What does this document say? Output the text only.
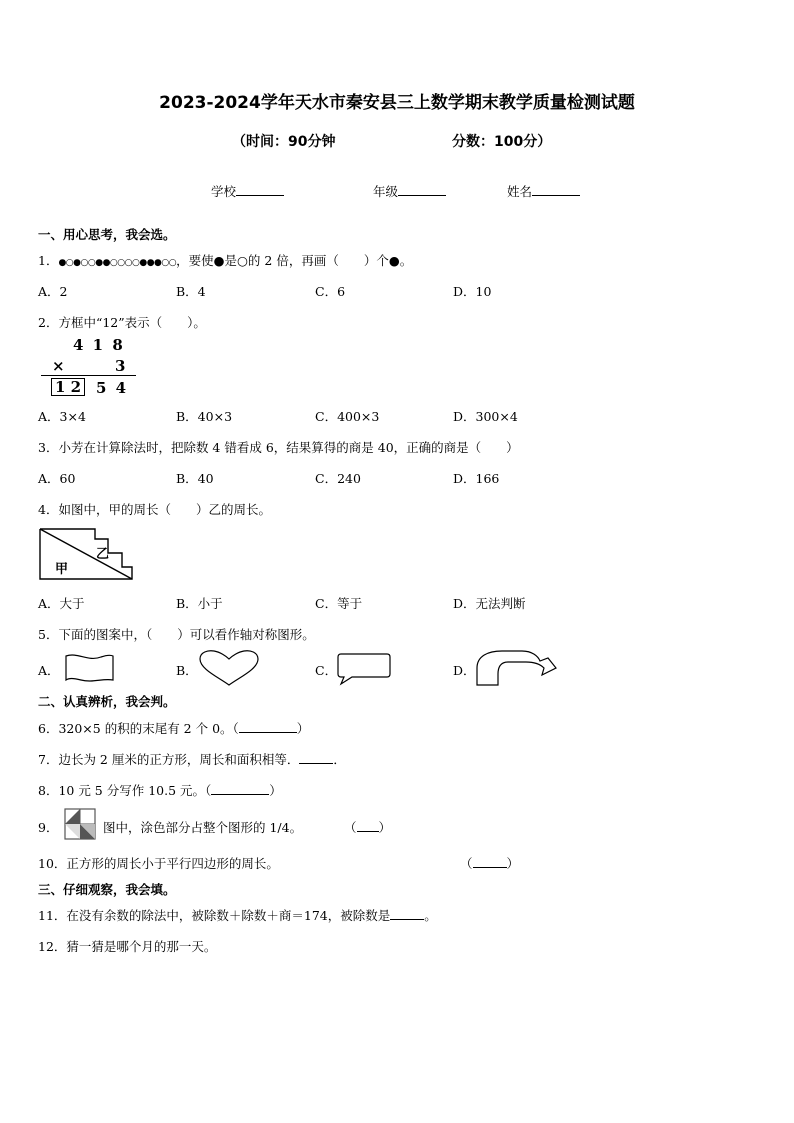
2023-2024学年天水市秦安县三上数学期末教学质量检测试题
（时间：90分钟	分数：100分）
学校	年级	姓名
一、用心思考，我会选。
1．●○●○○●●○○○○●●●○○，要使●是○的 2 倍，再画（　　）个●。
A．2	B．4	C．6	D．10
2．方框中“12”表示（　　）。
4 1 8
×	3
1 2 5 4
A．3×4	B．40×3	C．400×3	D．300×4
3．小芳在计算除法时，把除数 4 错看成 6，结果算得的商是 40，正确的商是（　　）
A．60	B．40	C．240	D．166
4．如图中，甲的周长（　　）乙的周长。
乙
甲
A．大于	B．小于	C．等于	D．无法判断
5．下面的图案中，（　　）可以看作轴对称图形。
A．	B．	C．	D．
二、认真辨析，我会判。
6．320×5 的积的末尾有 2 个 0。（	）
7．边长为 2 厘米的正方形，周长和面积相等．	．
8．10 元 5 分写作 10.5 元。（	）
9．	图中，涂色部分占整个图形的 1/4。	（ ）
10．正方形的周长小于平行四边形的周长。	（	）
三、仔细观察，我会填。
11．在没有余数的除法中，被除数＋除数＋商＝174，被除数是	。
12．猜一猜是哪个月的那一天。
